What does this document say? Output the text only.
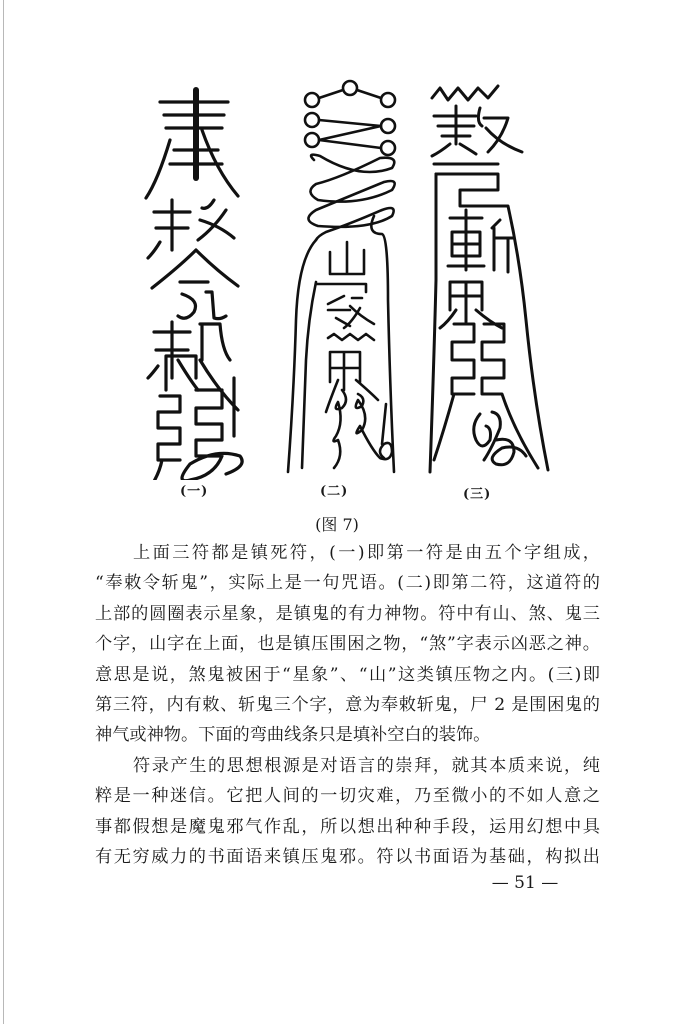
(一)	(二)	(三)
(图 7)

上面三符都是镇死符，(一)即第一符是由五个字组成，

“奉敕令斩鬼”，实际上是一句咒语。(二)即第二符，这道符的

上部的圆圈表示星象，是镇鬼的有力神物。符中有山、煞、鬼三

个字，山字在上面，也是镇压围困之物，“煞”字表示凶恶之神。

意思是说，煞鬼被困于“星象”、“山”这类镇压物之内。(三)即

第三符，内有敕、斩鬼三个字，意为奉敕斩鬼，尸 2 是围困鬼的

神气或神物。下面的弯曲线条只是填补空白的装饰。

符录产生的思想根源是对语言的崇拜，就其本质来说，纯

粹是一种迷信。它把人间的一切灾难，乃至微小的不如人意之

事都假想是魔鬼邪气作乱，所以想出种种手段，运用幻想中具

有无穷威力的书面语来镇压鬼邪。符以书面语为基础，构拟出

— 51 —
